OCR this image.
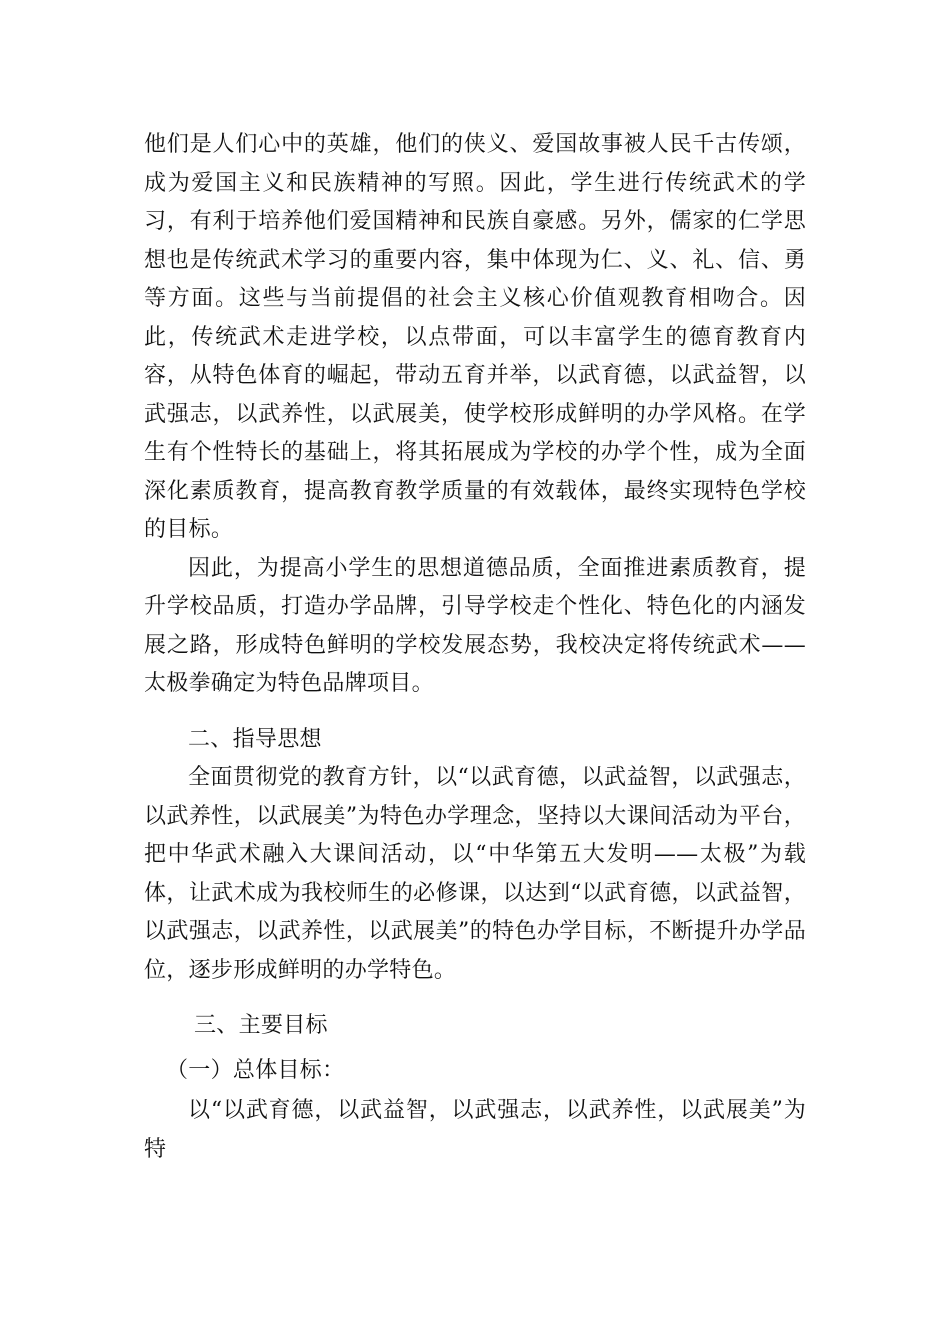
他们是人们心中的英雄，他们的侠义、爱国故事被人民千古传颂，成为爱国主义和民族精神的写照。因此，学生进行传统武术的学习，有利于培养他们爱国精神和民族自豪感。另外，儒家的仁学思想也是传统武术学习的重要内容，集中体现为仁、义、礼、信、勇等方面。这些与当前提倡的社会主义核心价值观教育相吻合。因此，传统武术走进学校，以点带面，可以丰富学生的德育教育内容，从特色体育的崛起，带动五育并举，以武育德，以武益智，以武强志，以武养性，以武展美，使学校形成鲜明的办学风格。在学生有个性特长的基础上，将其拓展成为学校的办学个性，成为全面深化素质教育，提高教育教学质量的有效载体，最终实现特色学校的目标。

因此，为提高小学生的思想道德品质，全面推进素质教育，提升学校品质，打造办学品牌，引导学校走个性化、特色化的内涵发展之路，形成特色鲜明的学校发展态势，我校决定将传统武术——太极拳确定为特色品牌项目。

二、指导思想

全面贯彻党的教育方针，以“以武育德，以武益智，以武强志，以武养性，以武展美”为特色办学理念，坚持以大课间活动为平台，把中华武术融入大课间活动，以“中华第五大发明——太极”为载体，让武术成为我校师生的必修课，以达到“以武育德，以武益智，以武强志，以武养性，以武展美”的特色办学目标，不断提升办学品位，逐步形成鲜明的办学特色。

三、主要目标

（一）总体目标：

以“以武育德，以武益智，以武强志，以武养性，以武展美”为特
